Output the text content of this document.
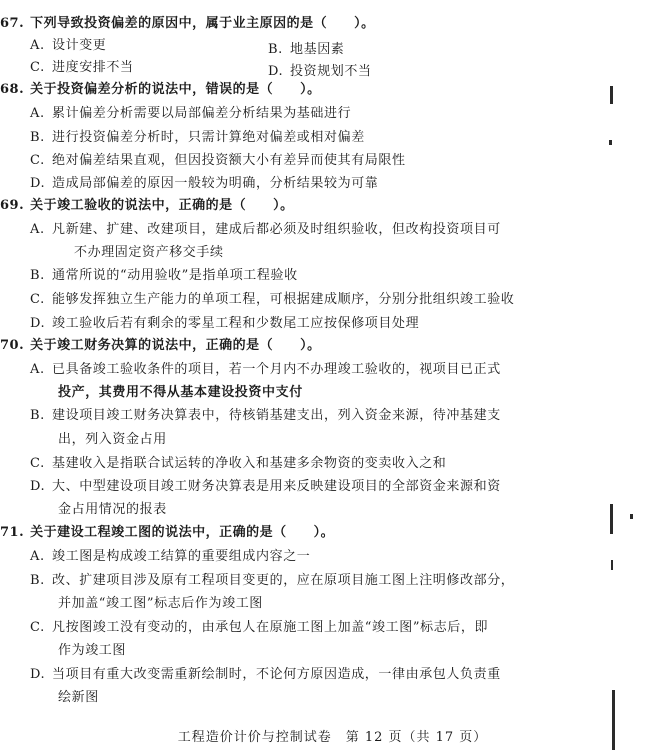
67. 下列导致投资偏差的原因中，属于业主原因的是（　　）。
A. 设计变更	B. 地基因素
C. 进度安排不当	D. 投资规划不当
68. 关于投资偏差分析的说法中，错误的是（　　）。
A. 累计偏差分析需要以局部偏差分析结果为基础进行
B. 进行投资偏差分析时，只需计算绝对偏差或相对偏差
C. 绝对偏差结果直观，但因投资额大小有差异而使其有局限性
D. 造成局部偏差的原因一般较为明确，分析结果较为可靠
69. 关于竣工验收的说法中，正确的是（　　）。
A. 凡新建、扩建、改建项目，建成后都必须及时组织验收，但改构投资项目可
不办理固定资产移交手续
B. 通常所说的“动用验收”是指单项工程验收
C. 能够发挥独立生产能力的单项工程，可根据建成顺序，分别分批组织竣工验收
D. 竣工验收后若有剩余的零星工程和少数尾工应按保修项目处理
70. 关于竣工财务决算的说法中，正确的是（　　）。
A. 已具备竣工验收条件的项目，若一个月内不办理竣工验收的，视项目已正式
投产，其费用不得从基本建设投资中支付
B. 建设项目竣工财务决算表中，待核销基建支出，列入资金来源，待冲基建支
出，列入资金占用
C. 基建收入是指联合试运转的净收入和基建多余物资的变卖收入之和
D. 大、中型建设项目竣工财务决算表是用来反映建设项目的全部资金来源和资
金占用情况的报表
71. 关于建设工程竣工图的说法中，正确的是（　　）。
A. 竣工图是构成竣工结算的重要组成内容之一
B. 改、扩建项目涉及原有工程项目变更的，应在原项目施工图上注明修改部分，
并加盖“竣工图”标志后作为竣工图
C. 凡按图竣工没有变动的，由承包人在原施工图上加盖“竣工图”标志后，即
作为竣工图
D. 当项目有重大改变需重新绘制时，不论何方原因造成，一律由承包人负责重
绘新图
工程造价计价与控制试卷　第 12 页（共 17 页）
